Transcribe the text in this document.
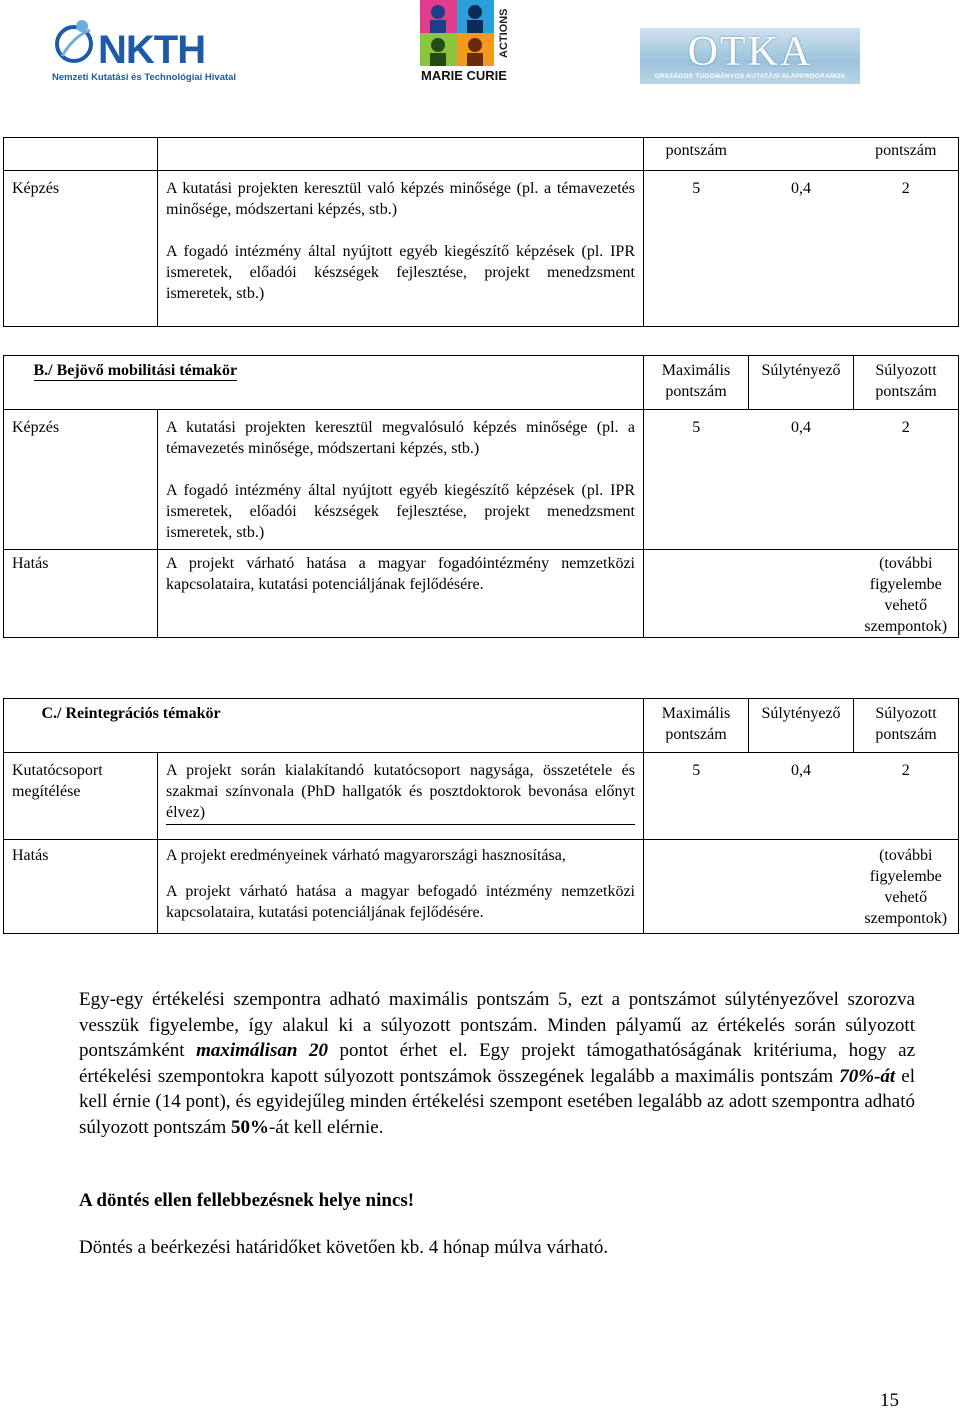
NKTH
Nemzeti Kutatási és Technológiai Hivatal
ACTIONS
MARIE CURIE
OTKA
ORSZÁGOS TUDOMÁNYOS KUTATÁSI ALAPPROGRAMOK
		pontszám		pontszám
Képzés	A kutatási projekten keresztül való képzés minősége (pl. a témavezetés minősége, módszertani képzés, stb.)
A fogadó intézmény által nyújtott egyéb kiegészítő képzések (pl. IPR ismeretek, előadói készségek fejlesztése, projekt menedzsment ismeretek, stb.)	5	0,4	2
	B./ Bejövő mobilitási témakör	Maximális pontszám	Súlytényező	Súlyozott pontszám
Képzés	A kutatási projekten keresztül megvalósuló képzés minősége (pl. a témavezetés minősége, módszertani képzés, stb.)
A fogadó intézmény által nyújtott egyéb kiegészítő képzések (pl. IPR ismeretek, előadói készségek fejlesztése, projekt menedzsment ismeretek, stb.)	5	0,4	2
Hatás	A projekt várható hatása a magyar fogadóintézmény nemzetközi kapcsolataira, kutatási potenciáljának fejlődésére.			(további figyelembe vehető szempontok)
	C./ Reintegrációs témakör	Maximális pontszám	Súlytényező	Súlyozott pontszám
Kutatócsoport megítélése	A projekt során kialakítandó kutatócsoport nagysága, összetétele és szakmai színvonala (PhD hallgatók és posztdoktorok bevonása előnyt élvez)	5	0,4	2
Hatás	A projekt eredményeinek várható magyarországi hasznosítása,
A projekt várható hatása a magyar befogadó intézmény nemzetközi kapcsolataira, kutatási potenciáljának fejlődésére.			(további figyelembe vehető szempontok)
Egy-egy értékelési szempontra adható maximális pontszám 5, ezt a pontszámot súlytényezővel szorozva vesszük figyelembe, így alakul ki a súlyozott pontszám. Minden pályamű az értékelés során súlyozott pontszámként maximálisan 20 pontot érhet el. Egy projekt támogathatóságának kritériuma, hogy az értékelési szempontokra kapott súlyozott pontszámok összegének legalább a maximális pontszám 70%-át el kell érnie (14 pont), és egyidejűleg minden értékelési szempont esetében legalább az adott szempontra adható súlyozott pontszám 50%-át kell elérnie.
A döntés ellen fellebbezésnek helye nincs!
Döntés a beérkezési határidőket követően kb. 4 hónap múlva várható.
15
